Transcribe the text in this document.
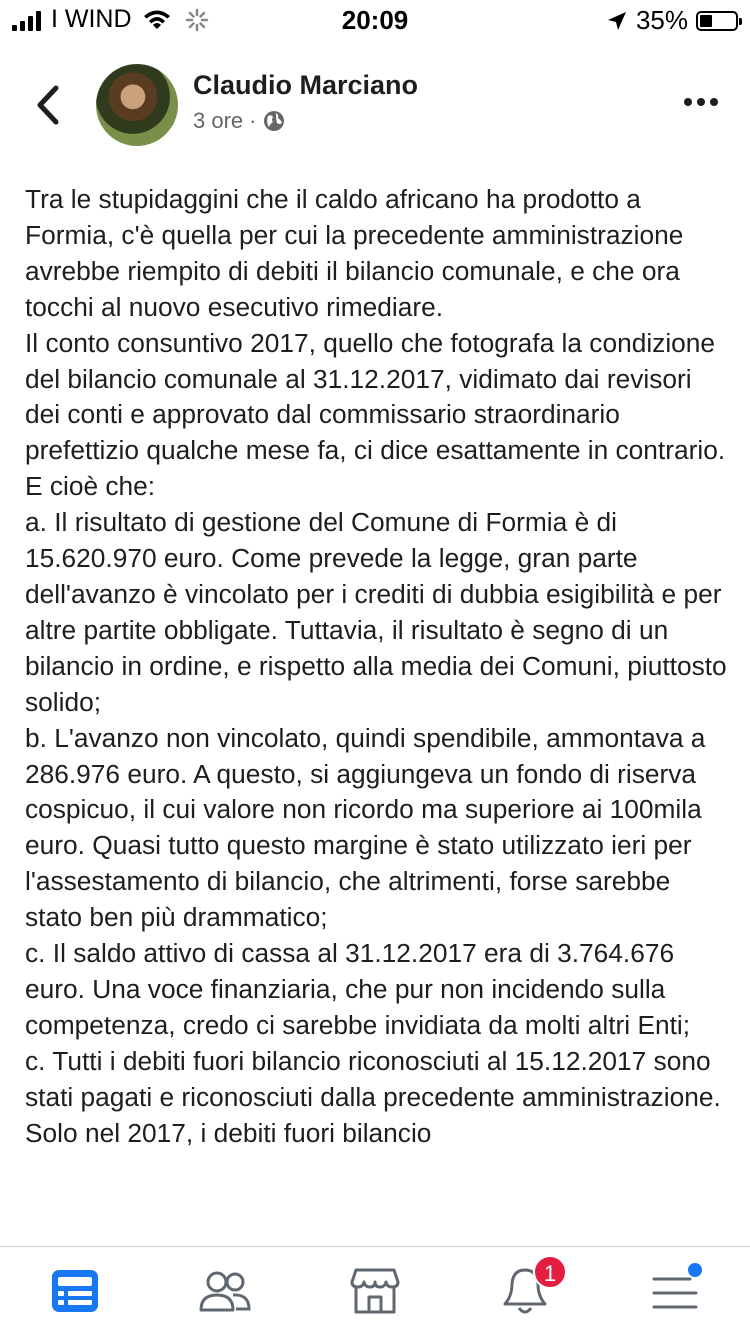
I WIND	20:09	35%
Claudio Marciano
3 ore ·

Tra le stupidaggini che il caldo africano ha prodotto a Formia, c'è quella per cui la precedente amministrazione avrebbe riempito di debiti il bilancio comunale, e che ora tocchi al nuovo esecutivo rimediare.

Il conto consuntivo 2017, quello che fotografa la condizione del bilancio comunale al 31.12.2017, vidimato dai revisori dei conti e approvato dal commissario straordinario prefettizio qualche mese fa, ci dice esattamente in contrario. E cioè che:

a. Il risultato di gestione del Comune di Formia è di 15.620.970 euro. Come prevede la legge, gran parte dell'avanzo è vincolato per i crediti di dubbia esigibilità e per altre partite obbligate. Tuttavia, il risultato è segno di un bilancio in ordine, e rispetto alla media dei Comuni, piuttosto solido;

b. L'avanzo non vincolato, quindi spendibile, ammontava a 286.976 euro. A questo, si aggiungeva un fondo di riserva cospicuo, il cui valore non ricordo ma superiore ai 100mila euro. Quasi tutto questo margine è stato utilizzato ieri per l'assestamento di bilancio, che altrimenti, forse sarebbe stato ben più drammatico;

c. Il saldo attivo di cassa al 31.12.2017 era di 3.764.676 euro. Una voce finanziaria, che pur non incidendo sulla competenza, credo ci sarebbe invidiata da molti altri Enti;

c. Tutti i debiti fuori bilancio riconosciuti al 15.12.2017 sono stati pagati e riconosciuti dalla precedente amministrazione. Solo nel 2017, i debiti fuori bilancio

1
